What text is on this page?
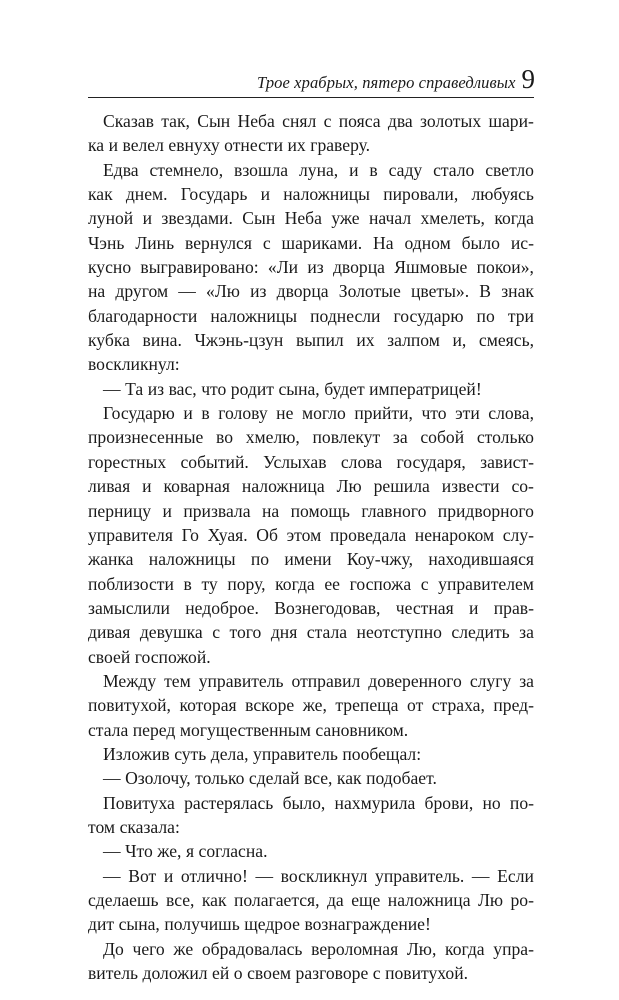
Трое храбрых, пятеро справедливых 9
Сказав так, Сын Неба снял с пояса два золотых шари-
ка и велел евнуху отнести их граверу.
Едва стемнело, взошла луна, и в саду стало светло
как днем. Государь и наложницы пировали, любуясь
луной и звездами. Сын Неба уже начал хмелеть, когда
Чэнь Линь вернулся с шариками. На одном было ис-
кусно выгравировано: «Ли из дворца Яшмовые покои»,
на другом — «Лю из дворца Золотые цветы». В знак
благодарности наложницы поднесли государю по три
кубка вина. Чжэнь-цзун выпил их залпом и, смеясь,
воскликнул:
— Та из вас, что родит сына, будет императрицей!
Государю и в голову не могло прийти, что эти слова,
произнесенные во хмелю, повлекут за собой столько
горестных событий. Услыхав слова государя, завист-
ливая и коварная наложница Лю решила извести со-
перницу и призвала на помощь главного придворного
управителя Го Хуая. Об этом проведала ненароком слу-
жанка наложницы по имени Коу-чжу, находившаяся
поблизости в ту пору, когда ее госпожа с управителем
замыслили недоброе. Вознегодовав, честная и прав-
дивая девушка с того дня стала неотступно следить за
своей госпожой.
Между тем управитель отправил доверенного слугу за
повитухой, которая вскоре же, трепеща от страха, пред-
стала перед могущественным сановником.
Изложив суть дела, управитель пообещал:
— Озолочу, только сделай все, как подобает.
Повитуха растерялась было, нахмурила брови, но по-
том сказала:
— Что же, я согласна.
— Вот и отлично! — воскликнул управитель. — Если
сделаешь все, как полагается, да еще наложница Лю ро-
дит сына, получишь щедрое вознаграждение!
До чего же обрадовалась вероломная Лю, когда упра-
витель доложил ей о своем разговоре с повитухой.
